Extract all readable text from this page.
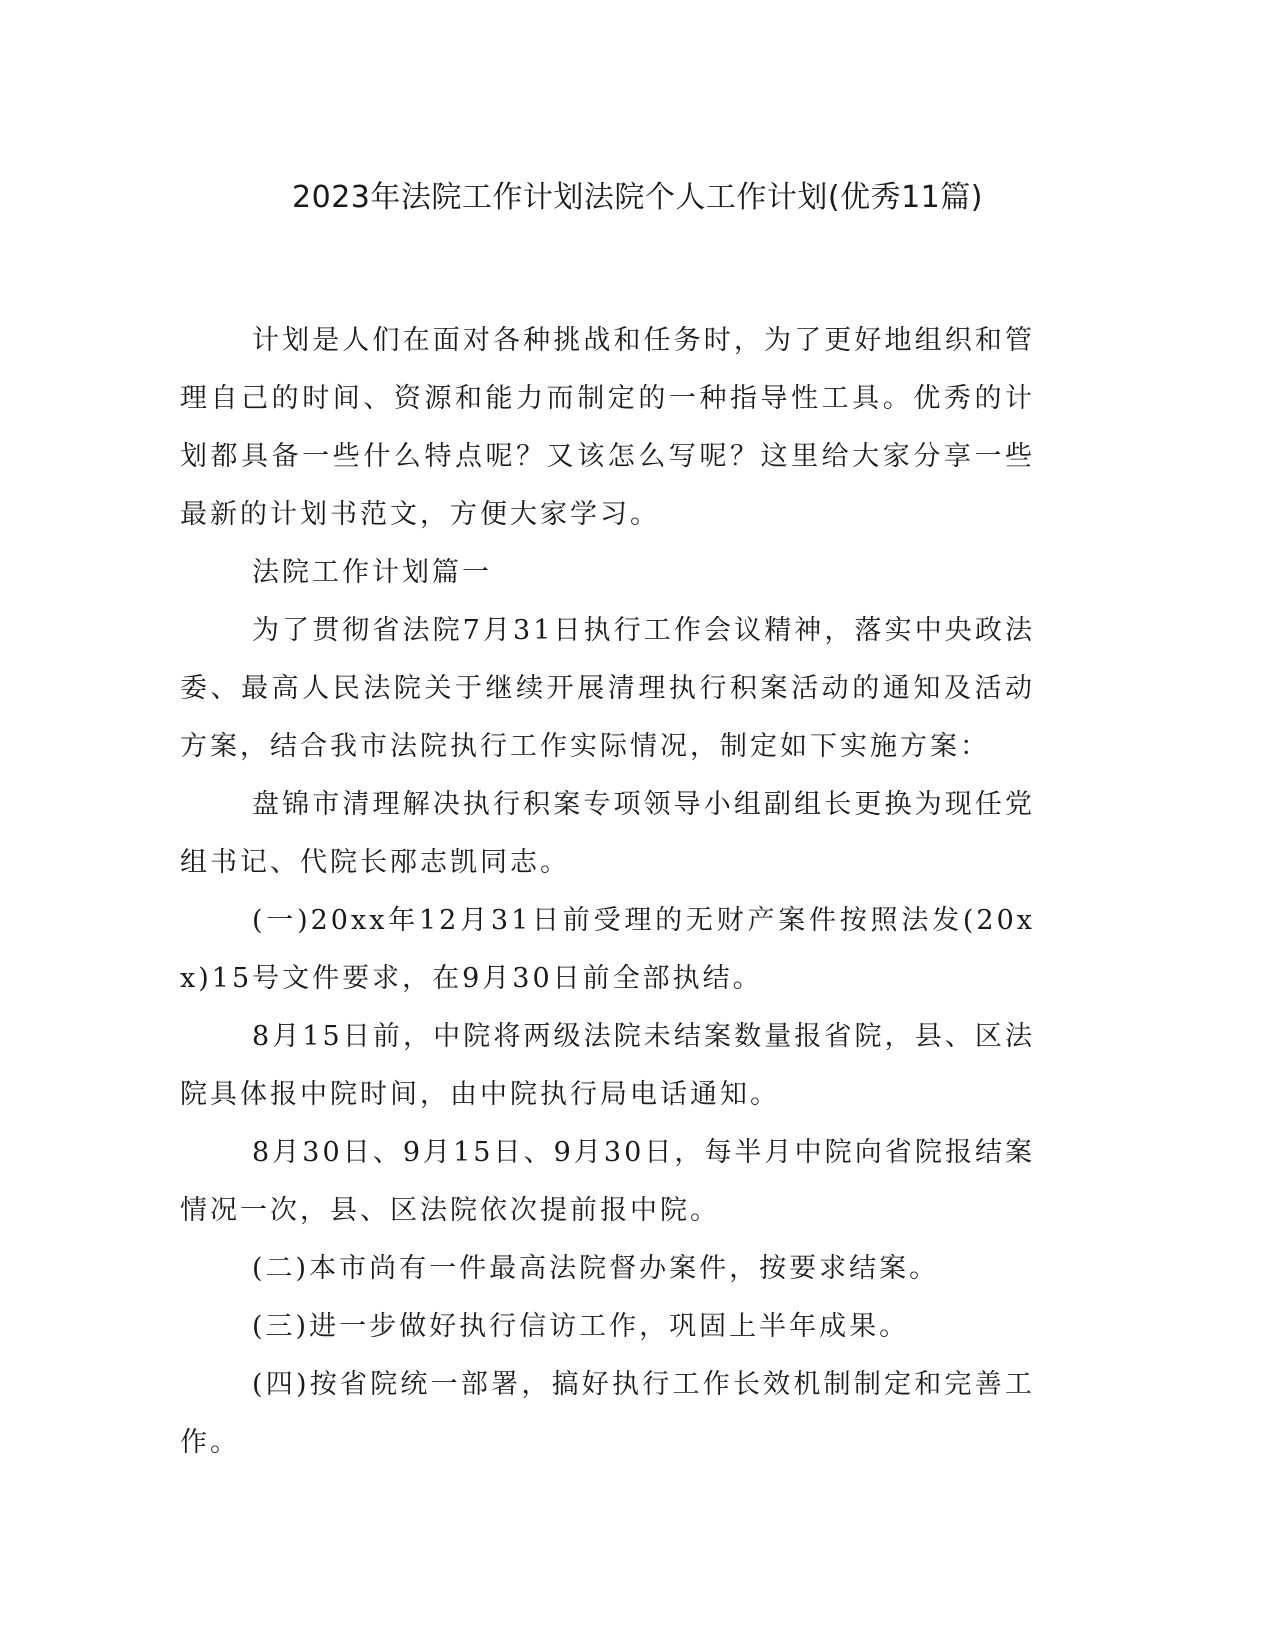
2023年法院工作计划法院个人工作计划(优秀11篇)

计划是人们在面对各种挑战和任务时，为了更好地组织和管理自己的时间、资源和能力而制定的一种指导性工具。优秀的计划都具备一些什么特点呢？又该怎么写呢？这里给大家分享一些最新的计划书范文，方便大家学习。

法院工作计划篇一

为了贯彻省法院7月31日执行工作会议精神，落实中央政法委、最高人民法院关于继续开展清理执行积案活动的通知及活动方案，结合我市法院执行工作实际情况，制定如下实施方案：

盘锦市清理解决执行积案专项领导小组副组长更换为现任党组书记、代院长邴志凯同志。

(一)20xx年12月31日前受理的无财产案件按照法发(20xx)15号文件要求，在9月30日前全部执结。

8月15日前，中院将两级法院未结案数量报省院，县、区法院具体报中院时间，由中院执行局电话通知。

8月30日、9月15日、9月30日，每半月中院向省院报结案情况一次，县、区法院依次提前报中院。

(二)本市尚有一件最高法院督办案件，按要求结案。

(三)进一步做好执行信访工作，巩固上半年成果。

(四)按省院统一部署，搞好执行工作长效机制制定和完善工作。
